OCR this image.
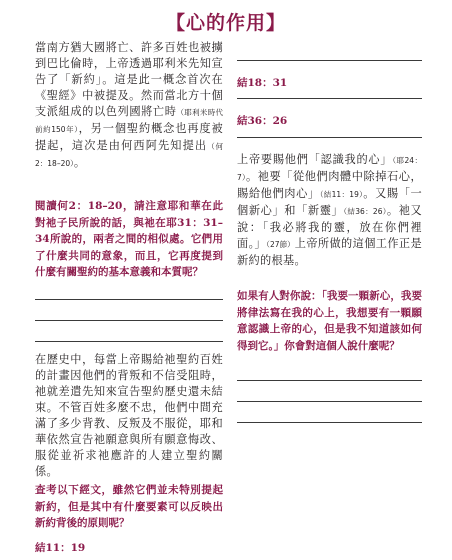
【心的作用】
當南方猶大國將亡、許多百姓也被擄到巴比倫時，上帝透過耶利米先知宣告了「新約」。這是此一概念首次在《聖經》中被提及。然而當北方十個支派組成的以色列國將亡時（耶利米時代前約150年），另一個聖約概念也再度被提起，這次是由何西阿先知提出（何2：18–20）。
閱讀何2：18–20，請注意耶和華在此對祂子民所說的話，與祂在耶31：31–34所說的，兩者之間的相似處。它們用了什麼共同的意象，而且，它再度提到什麼有關聖約的基本意義和本質呢？
在歷史中，每當上帝賜給祂聖約百姓的計畫因他們的背叛和不信受阻時，祂就差遣先知來宣告聖約歷史還未結束。不管百姓多麼不忠，他們中間充滿了多少背教、反叛及不服從，耶和華依然宣告祂願意與所有願意悔改、服從並祈求祂應許的人建立聖約關係。
查考以下經文，雖然它們並未特別提起新約，但是其中有什麼要素可以反映出新約背後的原則呢？
結11：19
結18：31
結36：26
上帝要賜他們「認識我的心」（耶24：7）。祂要「從他們肉體中除掉石心，賜給他們肉心」（結11：19）。又賜「一個新心」和「新靈」（結36：26）。祂又說：「我必將我的靈，放在你們裡面。」（27節）上帝所做的這個工作正是新約的根基。
如果有人對你說：「我要一顆新心，我要將律法寫在我的心上，我想要有一顆願意認識上帝的心，但是我不知道該如何得到它。」你會對這個人說什麼呢？
